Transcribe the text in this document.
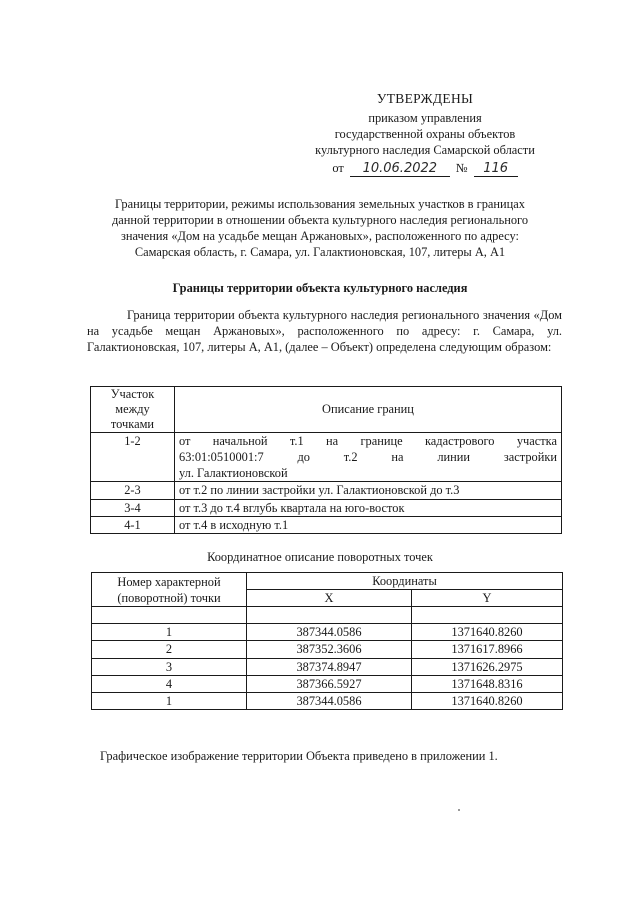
УТВЕРЖДЕНЫ
приказом управления
государственной охраны объектов
культурного наследия Самарской области
от	10.06.2022	№	116
Границы территории, режимы использования земельных участков в границах
данной территории в отношении объекта культурного наследия регионального
значения «Дом на усадьбе мещан Аржановых», расположенного по адресу:
Самарская область, г. Самара, ул. Галактионовская, 107, литеры А, А1
Границы территории объекта культурного наследия
Граница территории объекта культурного наследия регионального значения «Дом на усадьбе мещан Аржановых», расположенного по адресу: г. Самара, ул. Галактионовская, 107, литеры А, А1, (далее – Объект) определена следующим образом:
Участок между точками	Описание границ
1-2	от начальной т.1 на границе кадастрового участка
63:01:0510001:7 до т.2 на линии застройки
ул. Галактионовской

2-3	от т.2 по линии застройки ул. Галактионовской до т.3
3-4	от т.3 до т.4 вглубь квартала на юго-восток
4-1	от т.4 в исходную т.1
Координатное описание поворотных точек
Номер характерной
(поворотной) точки	Координаты	
	X	Y

1	387344.0586	1371640.8260
2	387352.3606	1371617.8966
3	387374.8947	1371626.2975
4	387366.5927	1371648.8316
1	387344.0586	1371640.8260
Графическое изображение территории Объекта приведено в приложении 1.
